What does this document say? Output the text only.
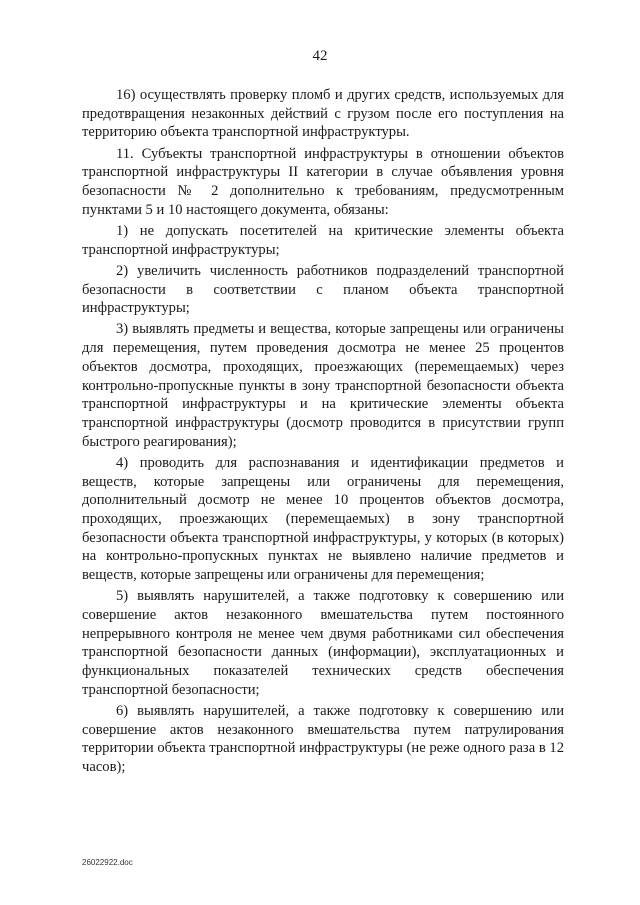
42

16) осуществлять проверку пломб и других средств, используемых для предотвращения незаконных действий с грузом после его поступления на территорию объекта транспортной инфраструктуры.

11. Субъекты транспортной инфраструктуры в отношении объектов транспортной инфраструктуры II категории в случае объявления уровня безопасности № 2 дополнительно к требованиям, предусмотренным пунктами 5 и 10 настоящего документа, обязаны:

1) не допускать посетителей на критические элементы объекта транспортной инфраструктуры;

2) увеличить численность работников подразделений транспортной безопасности в соответствии с планом объекта транспортной инфраструктуры;

3) выявлять предметы и вещества, которые запрещены или ограничены для перемещения, путем проведения досмотра не менее 25 процентов объектов досмотра, проходящих, проезжающих (перемещаемых) через контрольно-пропускные пункты в зону транспортной безопасности объекта транспортной инфраструктуры и на критические элементы объекта транспортной инфраструктуры (досмотр проводится в присутствии групп быстрого реагирования);

4) проводить для распознавания и идентификации предметов и веществ, которые запрещены или ограничены для перемещения, дополнительный досмотр не менее 10 процентов объектов досмотра, проходящих, проезжающих (перемещаемых) в зону транспортной безопасности объекта транспортной инфраструктуры, у которых (в которых) на контрольно-пропускных пунктах не выявлено наличие предметов и веществ, которые запрещены или ограничены для перемещения;

5) выявлять нарушителей, а также подготовку к совершению или совершение актов незаконного вмешательства путем постоянного непрерывного контроля не менее чем двумя работниками сил обеспечения транспортной безопасности данных (информации), эксплуатационных и функциональных показателей технических средств обеспечения транспортной безопасности;

6) выявлять нарушителей, а также подготовку к совершению или совершение актов незаконного вмешательства путем патрулирования территории объекта транспортной инфраструктуры (не реже одного раза в 12 часов);

26022922.doc
